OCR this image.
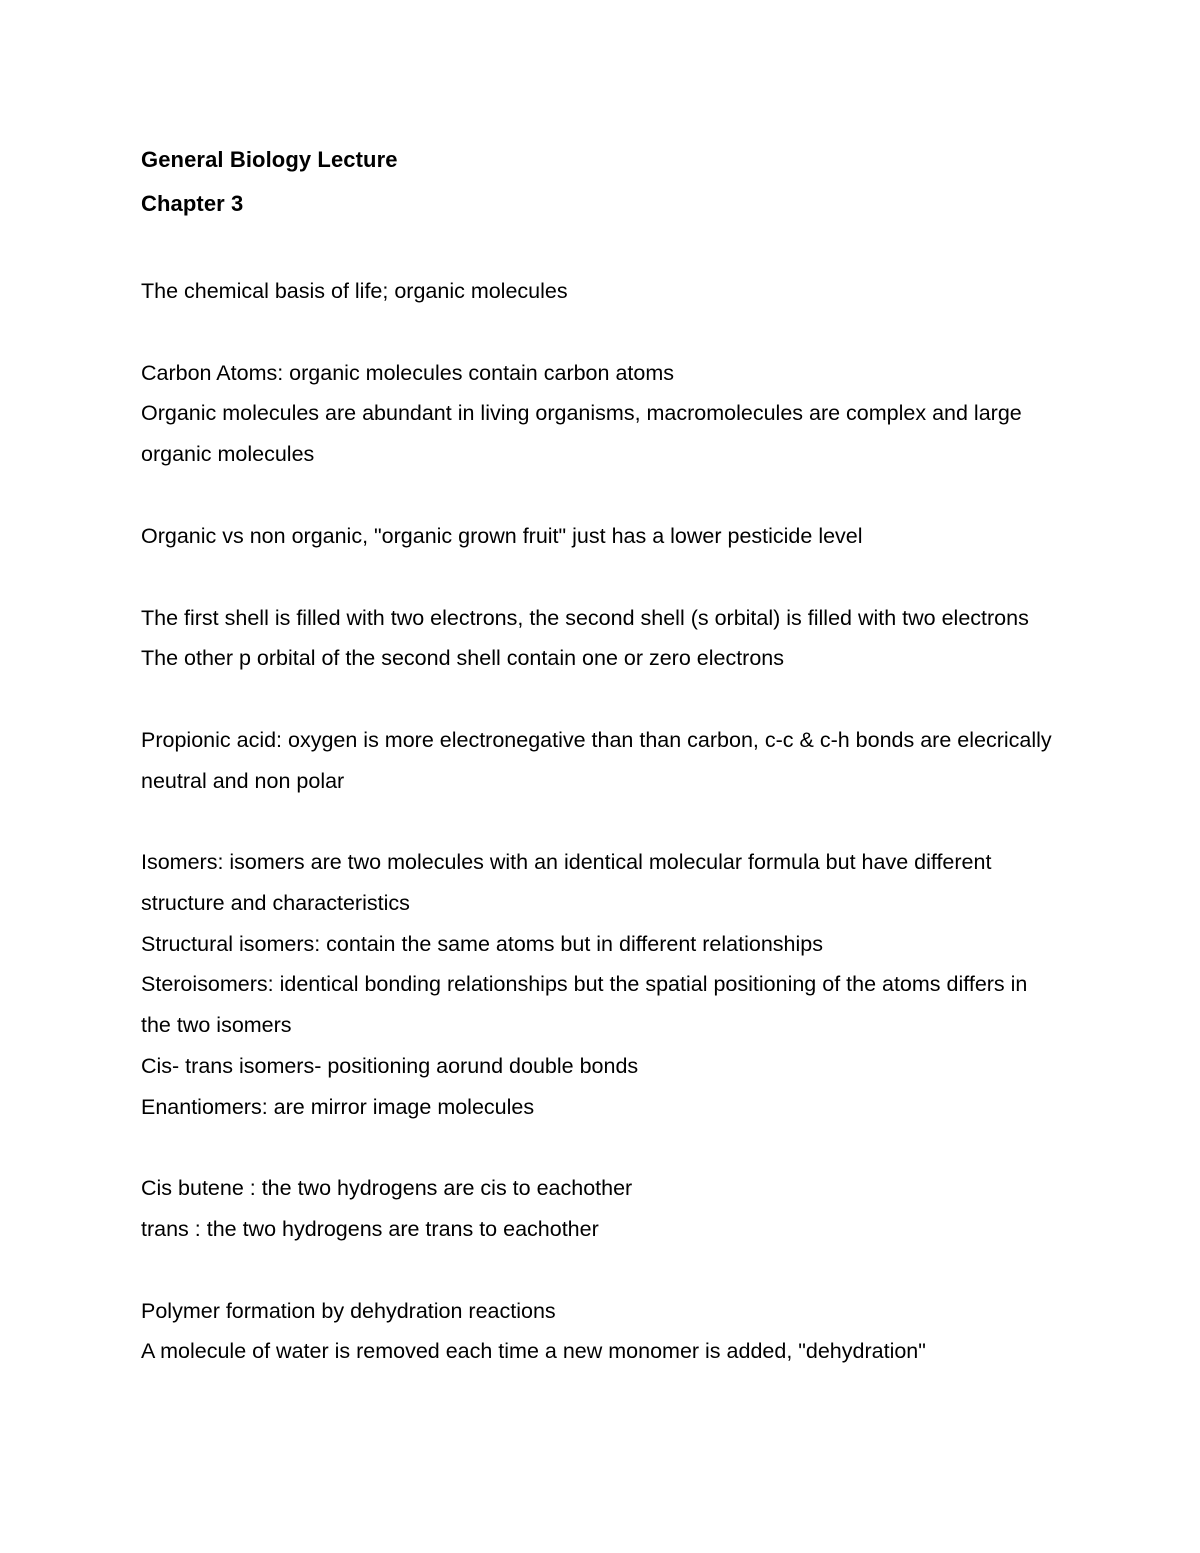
General Biology Lecture

Chapter 3

The chemical basis of life; organic molecules

Carbon Atoms: organic molecules contain carbon atoms

Organic molecules are abundant in living organisms, macromolecules are complex and large organic molecules

Organic vs non organic, "organic grown fruit" just has a lower pesticide level

The first shell is filled with two electrons, the second shell (s orbital) is filled with two electrons

The other p orbital of the second shell contain one or zero electrons

Propionic acid: oxygen is more electronegative than than carbon, c-c & c-h bonds are elecrically neutral and non polar

Isomers: isomers are two molecules with an identical molecular formula but have different structure and characteristics

Structural isomers: contain the same atoms but in different relationships

Steroisomers: identical bonding relationships but the spatial positioning of the atoms differs in the two isomers

Cis- trans isomers- positioning aorund double bonds

Enantiomers: are mirror image molecules

Cis butene : the two hydrogens are cis to eachother

trans : the two hydrogens are trans to eachother

Polymer formation by dehydration reactions

A molecule of water is removed each time a new monomer is added, "dehydration"
